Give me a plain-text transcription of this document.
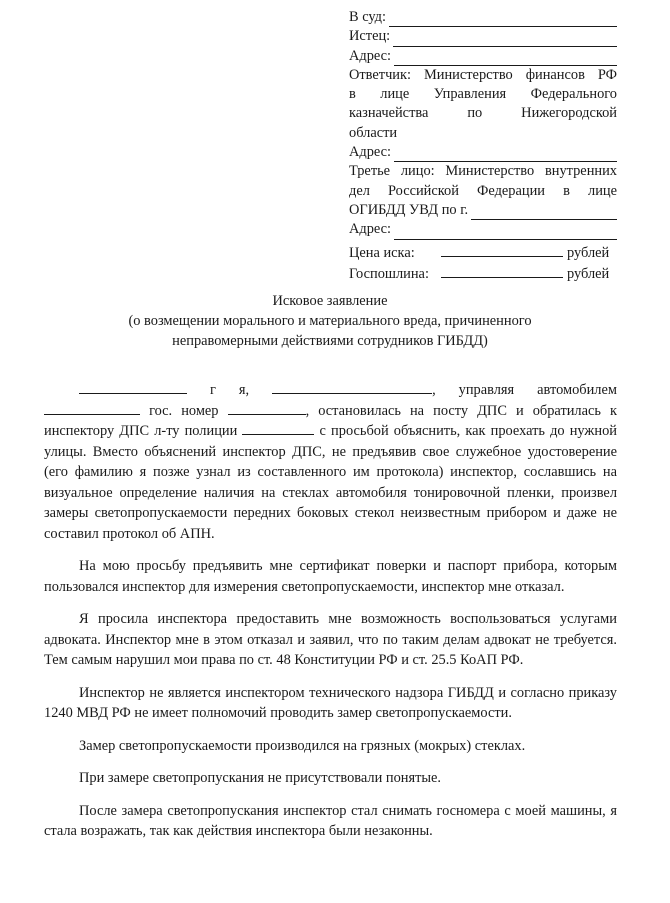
В суд:
Истец:
Адрес:
Ответчик: Министерство финансов РФ
в лице Управления Федерального
казначейства по Нижегородской
области
Адрес:
Третье лицо: Министерство внутренних
дел Российской Федерации в лице
ОГИБДД УВД по г.
Адрес:
Цена иска:	рублей
Госпошлина:	рублей
Исковое заявление
(о возмещении морального и материального вреда, причиненного
неправомерными действиями сотрудников ГИБДД)

г я,	, управляя автомобилем

гос. номер	, остановилась на посту ДПС и обратилась к инспектору ДПС л-ту полиции	с просьбой объяснить, как проехать до нужной улицы. Вместо объяснений инспектор ДПС, не предъявив свое служебное удостоверение (его фамилию я позже узнал из составленного им протокола) инспектор, сославшись на визуальное определение наличия на стеклах автомобиля тонировочной пленки, произвел замеры светопропускаемости передних боковых стекол неизвестным прибором и даже не составил протокол об АПН.

На мою просьбу предъявить мне сертификат поверки и паспорт прибора, которым пользовался инспектор для измерения светопропускаемости, инспектор мне отказал.

Я просила инспектора предоставить мне возможность воспользоваться услугами адвоката. Инспектор мне в этом отказал и заявил, что по таким делам адвокат не требуется. Тем самым нарушил мои права по ст. 48 Конституции РФ и ст. 25.5 КоАП РФ.

Инспектор не является инспектором технического надзора ГИБДД и согласно приказу 1240 МВД РФ не имеет полномочий проводить замер светопропускаемости.

Замер светопропускаемости производился на грязных (мокрых) стеклах.

При замере светопропускания не присутствовали понятые.

После замера светопропускания инспектор стал снимать госномера с моей машины, я стала возражать, так как действия инспектора были незаконны.
